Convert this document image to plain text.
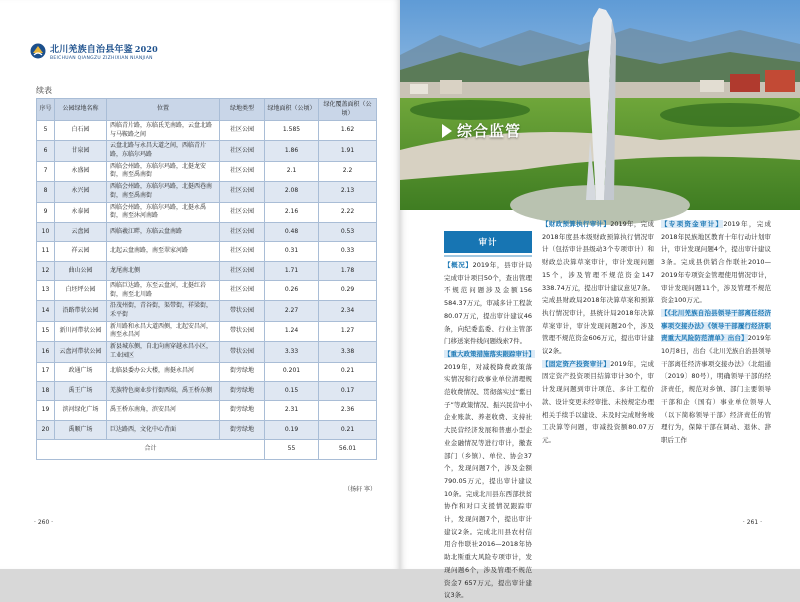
北川羌族自治县年鉴 2020
BEICHUAN QIANGZU ZIZHIXIAN NIANJIAN
续表
序号	公园绿地名称	位置	绿地类型	绿地面积（公顷）	绿化覆盖面积（公顷）
5	白石园	西临青片路，东临氐羌南路，云盘北路与马鞍路之间	社区公园	1.585	1.62
6	甘泉园	云盘北路与永昌大道之间，西临青片路，东临尔玛路	社区公园	1.86	1.91
7	永盛园	西临会州路，东临尔玛路，北挺龙安街，南至禹南街	社区公园	2.1	2.2
8	永兴园	西临会州路，东临尔玛路，北挺西巷南街，南至禹南街	社区公园	2.08	2.13
9	永泰园	西临会州路，东临尔玛路，北挺永禹街，南至沐河南路	社区公园	2.16	2.22
10	云盘园	西临羲江畔，东临云盘南路	社区公园	0.48	0.53
11	祥云园	北起云盘南路，南至翠家河路	社区公园	0.31	0.33
12	曲山公园	龙尾南北侧	社区公园	1.71	1.78
13	白坯坪公园	西临巨达路，东至云盘河，北挺红岩街，南至北川路	社区公园	0.26	0.29
14	沿路带状公园	沿茂州街，青谷街，渠带街，祥梁街，禾平街	带状公园	2.27	2.34
15	新川河带状公园	新川路和永昌大道西侧，北起安昌河，南至永昌河	带状公园	1.24	1.27
16	云盘河带状公园	新县城东侧，自北向南穿越永昌小区，工业园区	带状公园	3.33	3.38
17	政通广场	北临县委办公大楼，南挺永昌河	街旁绿地	0.201	0.21
18	禹王广场	羌族特色商业步行街西端，禹王桥东侧	街旁绿地	0.15	0.17
19	滨河绿化广场	禹王桥东南角，滨安昌河	街旁绿地	2.31	2.36
20	禹顺广场	巨达路西，文化中心背面	街旁绿地	0.19	0.21
合计				55	56.01
（扬轩 寧）
· 260 ·
综合监管
审计

【概况】2019年，县审计局完成审计项目50个，查出管理不规范问题涉及金额156 584.37万元，审减多计工程款80.07万元，提出审计建议46条，向纪委监委、行业主管部门移送案件线问题线索7件。

【重大政策措施落实跟踪审计】2019年，对减税降费政策落实情况和行政事业单位清理规范收费情况、贯彻落实过“紫日子”等政策情况、振兴民营中小企业账款、养老收费、支持社大民营经济发展和普惠小型企业金融情况等进行审计，撤查部门（乡镇）、单位、协会37个，发现问题7个，涉及金额790.05万元，提出审计建议10条。完成北川县东西部扶贫协作和对口支援情况跟踪审计，发现问题7个，提出审计建议2条。完成北川县农村信用合作联社2016—2018年协助北斯重大风险专项审计，发现问题6个，涉及管理不规范资金7 657万元，提出审计建议3条。

【财政预算执行审计】2019年，完成2018年度县本级财政预算执行情况审计（包括审计县级动3个专项审计）和财政总决算草案审计，审计发现问题15个，涉及管理不规范资金147 338.74万元，提出审计建议意见7条。完成县财政局2018年决算草案和预算执行情况审计，县统计局2018年决算草案审计，审计发现问题20个，涉及管理不规范资金606万元，提出审计建议2条。

【固定资产投资审计】2019年，完成固定资产投资项目结算审计30个，审计发现问题到审计项范、多计工程价款、设计变更未经审批、未按规定办理相关手续手以建设、未及时完成财务竣工决算等问题，审减投资额80.07万元。

【专项资金审计】2019年，完成2018年民族地区教育十年行动计划审计，审计发现问题4个，提出审计建议3条。完成县供销合作联社2010—2019年专项资金管理使用情况审计，审计发现问题11个，涉及管理不规范资金100万元。

【《北川羌族自治县领导干部离任经济事项交接办法》《领导干部履行经济职责重大风险防范清单》出台】2019年10月8日，出台《北川羌族自治县领导干部离任经济事项交接办法》（北组通〔2019〕80号），明确领导干部的经济责任，规范对乡镇、部门主要领导干部和企（国有）事业单位领导人（以下简称领导干部）经济责任的管理行为，保障干部在调动、退休、辞职后工作

· 261 ·
